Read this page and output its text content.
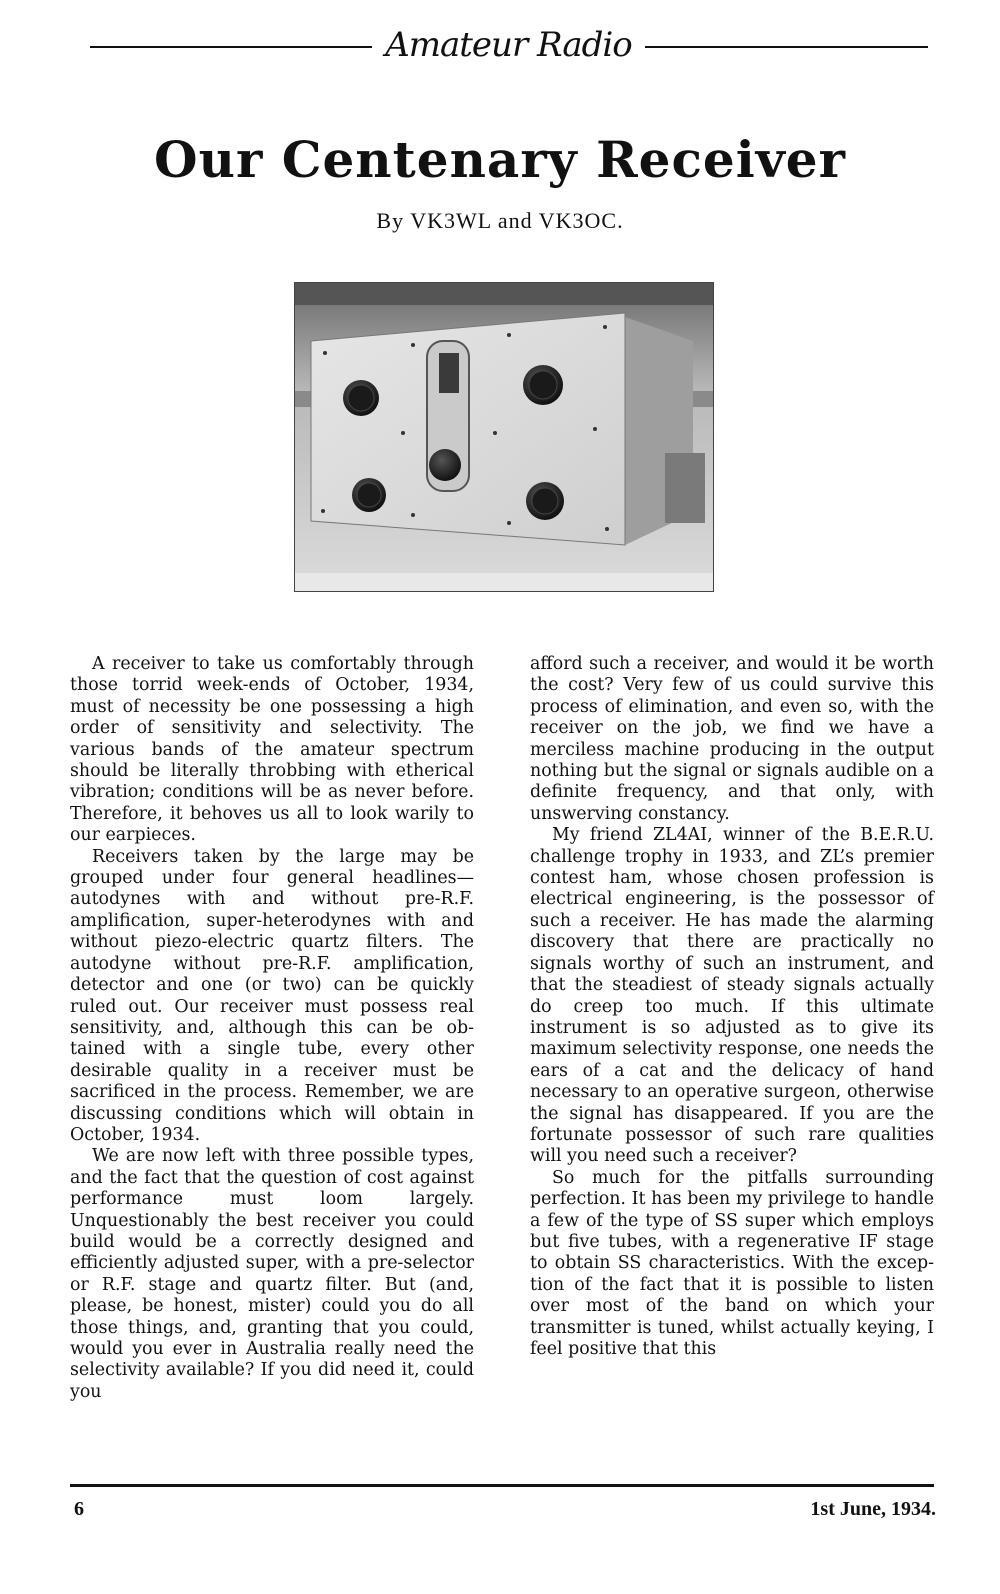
Amateur Radio
Our Centenary Receiver
By VK3WL and VK3OC.

A receiver to take us comfortably through those torrid week-ends of October, 1934, must of necessity be one possessing a high order of sensitivity and selectivity. The various bands of the amateur spectrum should be literally throbbing with etherical vibration; conditions will be as never before. Therefore, it behoves us all to look warily to our earpieces.

Receivers taken by the large may be grouped under four general headlines—autodynes with and without pre-R.F. amplification, super-heterodynes with and without piezo-electric quartz filters. The autodyne without pre-R.F. amplification, detector and one (or two) can be quickly ruled out. Our receiver must possess real sensitivity, and, although this can be obtained with a single tube, every other desirable quality in a receiver must be sacrificed in the process. Remember, we are discussing conditions which will obtain in October, 1934.

We are now left with three possible types, and the fact that the question of cost against performance must loom largely. Unquestionably the best receiver you could build would be a correctly designed and efficiently adjusted super, with a pre-selector or R.F. stage and quartz filter. But (and, please, be honest, mister) could you do all those things, and, granting that you could, would you ever in Australia really need the selectivity available? If you did need it, could you

afford such a receiver, and would it be worth the cost? Very few of us could survive this process of elimination, and even so, with the receiver on the job, we find we have a merciless machine producing in the output nothing but the signal or signals audible on a definite frequency, and that only, with unswerving constancy.

My friend ZL4AI, winner of the B.E.R.U. challenge trophy in 1933, and ZL’s premier contest ham, whose chosen profession is electrical engineering, is the possessor of such a receiver. He has made the alarming discovery that there are practically no signals worthy of such an instrument, and that the steadiest of steady signals actually do creep too much. If this ultimate instrument is so adjusted as to give its maximum selectivity response, one needs the ears of a cat and the delicacy of hand necessary to an operative surgeon, otherwise the signal has disappeared. If you are the fortunate possessor of such rare qualities will you need such a receiver?

So much for the pitfalls surrounding perfection. It has been my privilege to handle a few of the type of SS super which employs but five tubes, with a regenerative IF stage to obtain SS characteristics. With the exception of the fact that it is possible to listen over most of the band on which your transmitter is tuned, whilst actually keying, I feel positive that this

6	1st June, 1934.
